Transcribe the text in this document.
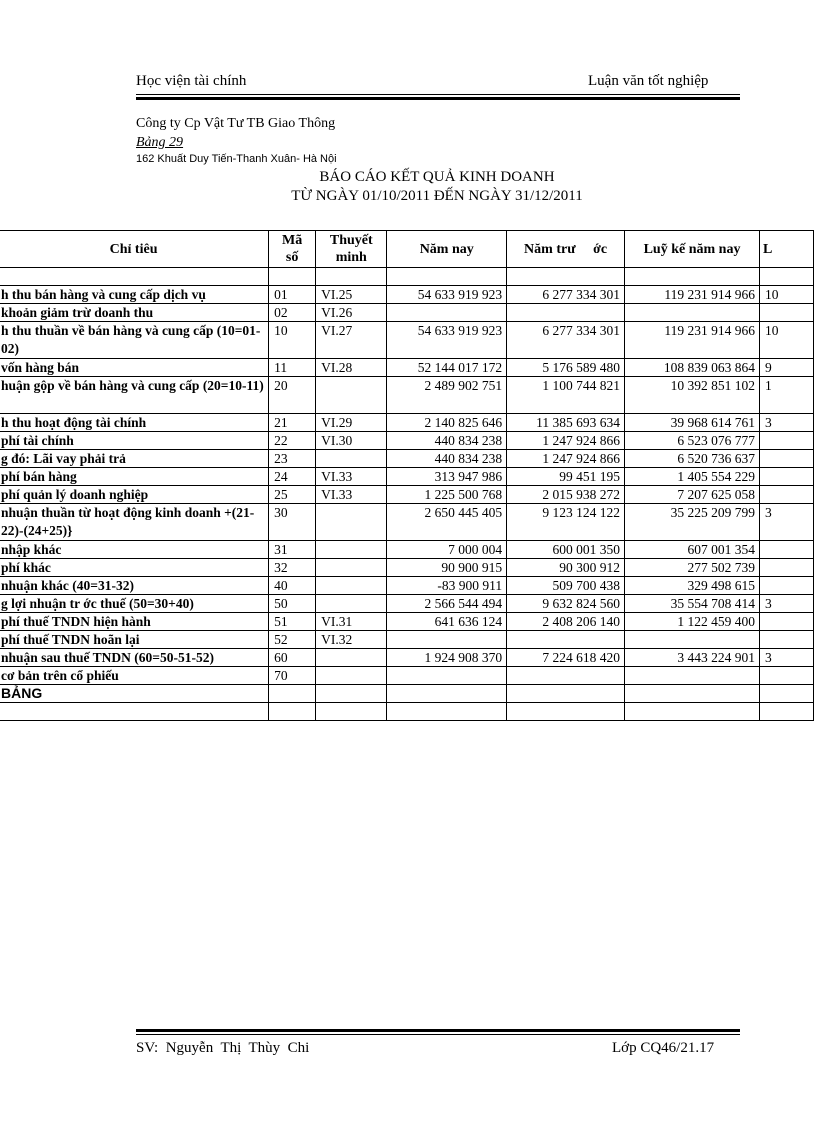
Học viện tài chính	Luận văn tốt nghiệp
Công ty Cp Vật Tư TB Giao Thông
Bảng 29
162 Khuất Duy Tiến-Thanh Xuân- Hà Nội
BÁO CÁO KẾT QUẢ KINH DOANH
TỪ NGÀY 01/10/2011 ĐẾN NGÀY 31/12/2011
Chỉ tiêu	Mã số	Thuyết minh	Năm nay	Năm trư     ớc	Luỹ kế năm nay	L

h thu bán hàng và cung cấp dịch vụ	01	VI.25	54 633 919 923	6 277 334 301	119 231 914 966	10
khoản giảm trừ doanh thu	02	VI.26				
h thu thuần về bán hàng và cung cấp (10=01-02)	10	VI.27	54 633 919 923	6 277 334 301	119 231 914 966	10
vốn hàng bán	11	VI.28	52 144 017 172	5 176 589 480	108 839 063 864	9
huận gộp về bán hàng và cung cấp (20=10-11)	20		2 489 902 751	1 100 744 821	10 392 851 102	1
h thu hoạt động tài chính	21	VI.29	2 140 825 646	11 385 693 634	39 968 614 761	3
phí tài chính	22	VI.30	440 834 238	1 247 924 866	6 523 076 777	
g đó: Lãi vay phải trả	23		440 834 238	1 247 924 866	6 520 736 637	
phí bán hàng	24	VI.33	313 947 986	99 451 195	1 405 554 229	
phí quản lý doanh nghiệp	25	VI.33	1 225 500 768	2 015 938 272	7 207 625 058	
nhuận thuần từ hoạt động kinh doanh +(21-22)-(24+25)}	30		2 650 445 405	9 123 124 122	35 225 209 799	3
nhập khác	31		7 000 004	600 001 350	607 001 354	
phí khác	32		90 900 915	90 300 912	277 502 739	
nhuận khác (40=31-32)	40		-83 900 911	509 700 438	329 498 615	
g lợi nhuận tr ớc thuế (50=30+40)	50		2 566 544 494	9 632 824 560	35 554 708 414	3
phí thuế TNDN hiện hành	51	VI.31	641 636 124	2 408 206 140	1 122 459 400	
phí thuế TNDN hoãn lại	52	VI.32				
nhuận sau thuế TNDN (60=50-51-52)	60		1 924 908 370	7 224 618 420	3 443 224 901	3
cơ bản trên cổ phiếu	70					
BẢNG						

SV:  Nguyễn  Thị  Thùy  Chi	Lớp CQ46/21.17
